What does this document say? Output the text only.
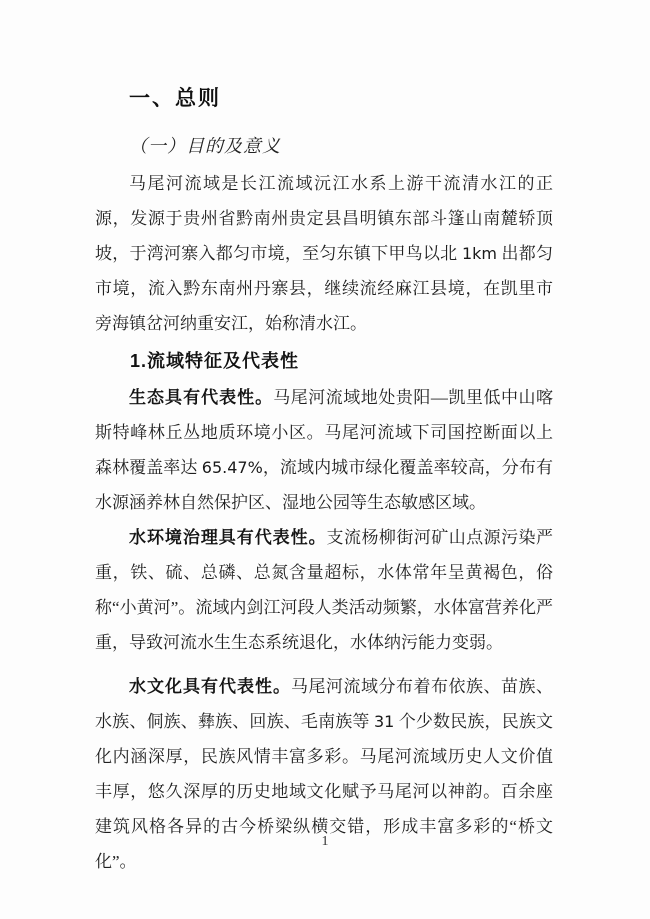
一、总则
（一）目的及意义

马尾河流域是长江流域沅江水系上游干流清水江的正源，发源于贵州省黔南州贵定县昌明镇东部斗篷山南麓轿顶坡，于湾河寨入都匀市境，至匀东镇下甲鸟以北 1km 出都匀市境，流入黔东南州丹寨县，继续流经麻江县境，在凯里市旁海镇岔河纳重安江，始称清水江。

1.流域特征及代表性

生态具有代表性。马尾河流域地处贵阳—凯里低中山喀斯特峰林丘丛地质环境小区。马尾河流域下司国控断面以上森林覆盖率达 65.47%，流域内城市绿化覆盖率较高，分布有水源涵养林自然保护区、湿地公园等生态敏感区域。

水环境治理具有代表性。支流杨柳街河矿山点源污染严重，铁、硫、总磷、总氮含量超标，水体常年呈黄褐色，俗称“小黄河”。流域内剑江河段人类活动频繁，水体富营养化严重，导致河流水生生态系统退化，水体纳污能力变弱。

水文化具有代表性。马尾河流域分布着布依族、苗族、水族、侗族、彝族、回族、毛南族等 31 个少数民族，民族文化内涵深厚，民族风情丰富多彩。马尾河流域历史人文价值丰厚，悠久深厚的历史地域文化赋予马尾河以神韵。百余座建筑风格各异的古今桥梁纵横交错，形成丰富多彩的“桥文化”。

1
